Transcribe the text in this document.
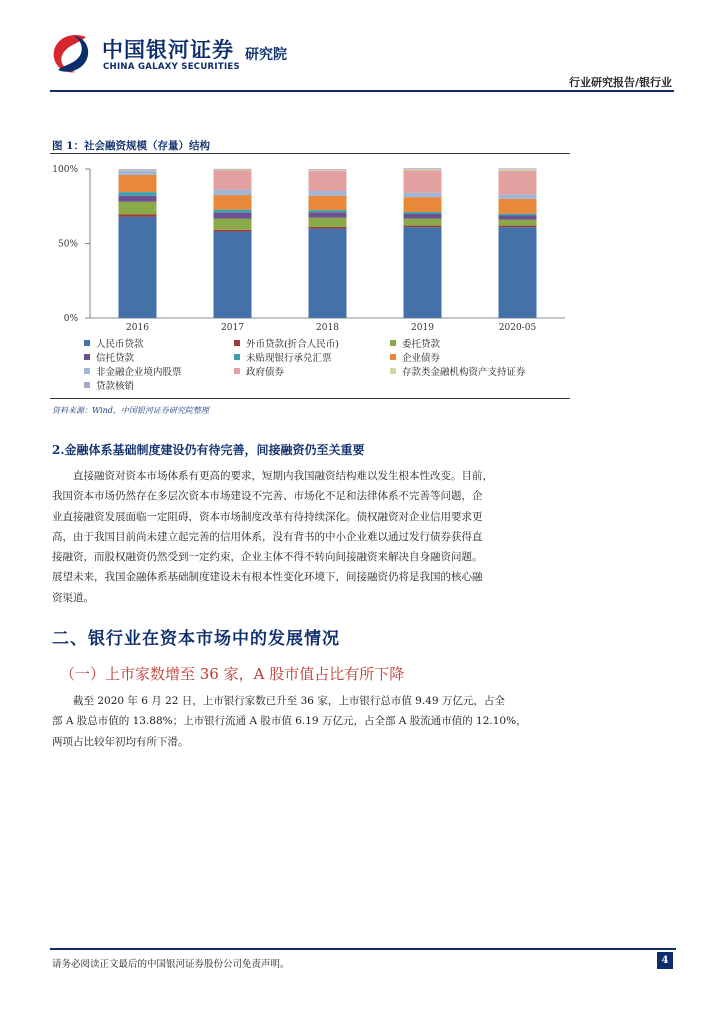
中国银河证券
CHINA GALAXY SECURITIES
研究院
行业研究报告/银行业
图 1：社会融资规模（存量）结构
0%
50%
100%
2016	2017	2018	2019	2020-05
人民币贷款	外币贷款(折合人民币)	委托贷款
信托贷款	未贴现银行承兑汇票	企业债券
非金融企业境内股票	政府债券	存款类金融机构资产支持证券
贷款核销
资料来源：Wind，中国银河证券研究院整理
2.金融体系基础制度建设仍有待完善，间接融资仍至关重要
直接融资对资本市场体系有更高的要求，短期内我国融资结构难以发生根本性改变。目前，
我国资本市场仍然存在多层次资本市场建设不完善、市场化不足和法律体系不完善等问题，企
业直接融资发展面临一定阻碍，资本市场制度改革有待持续深化。债权融资对企业信用要求更
高，由于我国目前尚未建立起完善的信用体系，没有背书的中小企业难以通过发行债券获得直
接融资，而股权融资仍然受到一定约束，企业主体不得不转向间接融资来解决自身融资问题。
展望未来，我国金融体系基础制度建设未有根本性变化环境下，间接融资仍将是我国的核心融
资渠道。
二、银行业在资本市场中的发展情况
（一）上市家数增至 36 家，A 股市值占比有所下降
截至 2020 年 6 月 22 日，上市银行家数已升至 36 家，上市银行总市值 9.49 万亿元，占全
部 A 股总市值的 13.88%；上市银行流通 A 股市值 6.19 万亿元，占全部 A 股流通市值的 12.10%，
两项占比较年初均有所下滑。
请务必阅读正文最后的中国银河证券股份公司免责声明。	4
